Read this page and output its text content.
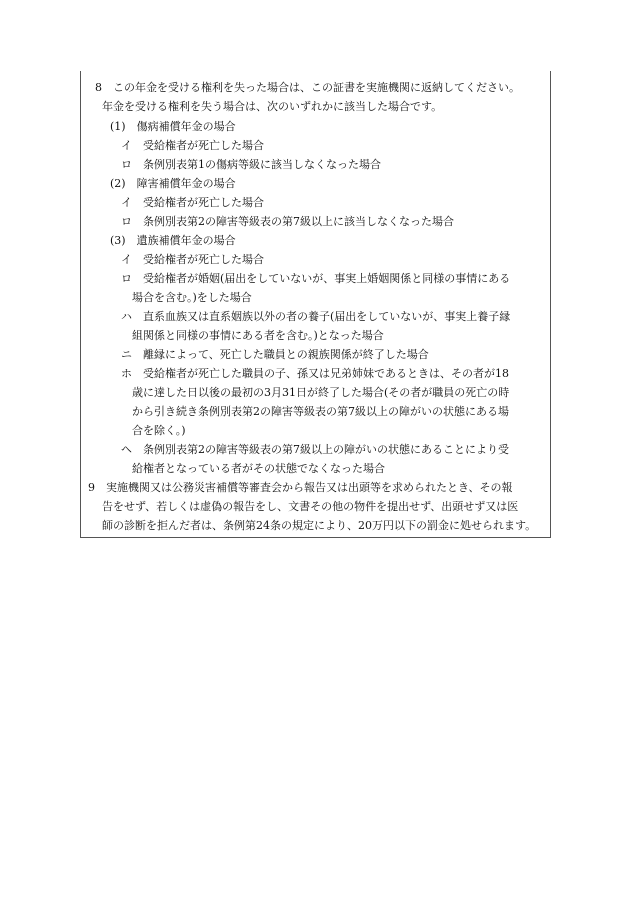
8　この年金を受ける権利を失った場合は、この証書を実施機関に返納してください。
年金を受ける権利を失う場合は、次のいずれかに該当した場合です。
(1)　傷病補償年金の場合
イ　受給権者が死亡した場合
ロ　条例別表第1の傷病等級に該当しなくなった場合
(2)　障害補償年金の場合
イ　受給権者が死亡した場合
ロ　条例別表第2の障害等級表の第7級以上に該当しなくなった場合
(3)　遺族補償年金の場合
イ　受給権者が死亡した場合
ロ　受給権者が婚姻(届出をしていないが、事実上婚姻関係と同様の事情にある
場合を含む。)をした場合
ハ　直系血族又は直系姻族以外の者の養子(届出をしていないが、事実上養子縁
組関係と同様の事情にある者を含む。)となった場合
ニ　離縁によって、死亡した職員との親族関係が終了した場合
ホ　受給権者が死亡した職員の子、孫又は兄弟姉妹であるときは、その者が18
歳に達した日以後の最初の3月31日が終了した場合(その者が職員の死亡の時
から引き続き条例別表第2の障害等級表の第7級以上の障がいの状態にある場
合を除く。)
ヘ　条例別表第2の障害等級表の第7級以上の障がいの状態にあることにより受
給権者となっている者がその状態でなくなった場合
9　実施機関又は公務災害補償等審査会から報告又は出頭等を求められたとき、その報
告をせず、若しくは虚偽の報告をし、文書その他の物件を提出せず、出頭せず又は医
師の診断を拒んだ者は、条例第24条の規定により、20万円以下の罰金に処せられます。
